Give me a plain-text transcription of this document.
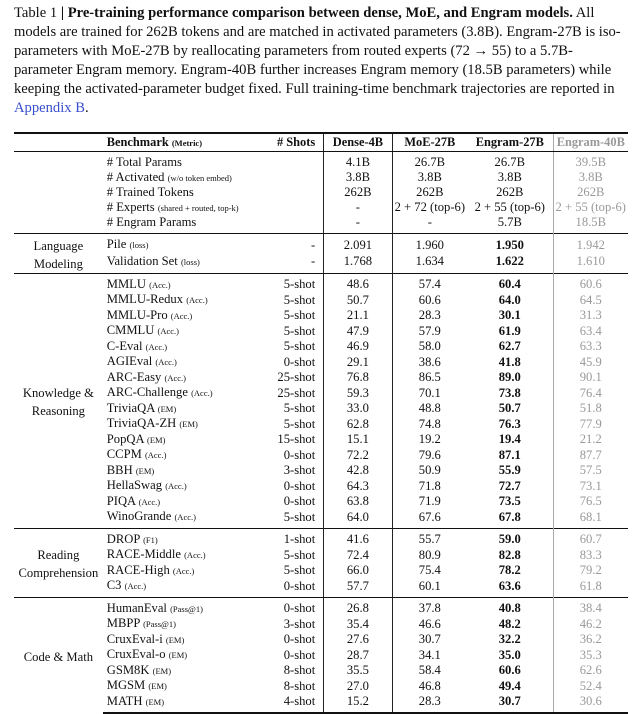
Table 1 | Pre-training performance comparison between dense, MoE, and Engram models. All models are trained for 262B tokens and are matched in activated parameters (3.8B). Engram-27B is iso-parameters with MoE-27B by reallocating parameters from routed experts (72 → 55) to a 5.7B-parameter Engram memory. Engram-40B further increases Engram memory (18.5B parameters) while keeping the activated-parameter budget fixed. Full training-time benchmark trajectories are reported in Appendix B.
	Benchmark (Metric)	# Shots	Dense-4B	MoE-27B	Engram-27B	Engram-40B
	# Total Params		4.1B	26.7B	26.7B	39.5B
	# Activated (w/o token embed)		3.8B	3.8B	3.8B	3.8B
	# Trained Tokens		262B	262B	262B	262B
	# Experts (shared + routed, top-k)		-	2 + 72 (top-6)	2 + 55 (top-6)	2 + 55 (top-6)
	# Engram Params		-	-	5.7B	18.5B
Language Modeling	Pile (loss)	-	2.091	1.960	1.950	1.942
	Validation Set (loss)	-	1.768	1.634	1.622	1.610
Knowledge & Reasoning	MMLU (Acc.)	5-shot	48.6	57.4	60.4	60.6
	MMLU-Redux (Acc.)	5-shot	50.7	60.6	64.0	64.5
	MMLU-Pro (Acc.)	5-shot	21.1	28.3	30.1	31.3
	CMMLU (Acc.)	5-shot	47.9	57.9	61.9	63.4
	C-Eval (Acc.)	5-shot	46.9	58.0	62.7	63.3
	AGIEval (Acc.)	0-shot	29.1	38.6	41.8	45.9
	ARC-Easy (Acc.)	25-shot	76.8	86.5	89.0	90.1
	ARC-Challenge (Acc.)	25-shot	59.3	70.1	73.8	76.4
	TriviaQA (EM)	5-shot	33.0	48.8	50.7	51.8
	TriviaQA-ZH (EM)	5-shot	62.8	74.8	76.3	77.9
	PopQA (EM)	15-shot	15.1	19.2	19.4	21.2
	CCPM (Acc.)	0-shot	72.2	79.6	87.1	87.7
	BBH (EM)	3-shot	42.8	50.9	55.9	57.5
	HellaSwag (Acc.)	0-shot	64.3	71.8	72.7	73.1
	PIQA (Acc.)	0-shot	63.8	71.9	73.5	76.5
	WinoGrande (Acc.)	5-shot	64.0	67.6	67.8	68.1
Reading Comprehension	DROP (F1)	1-shot	41.6	55.7	59.0	60.7
	RACE-Middle (Acc.)	5-shot	72.4	80.9	82.8	83.3
	RACE-High (Acc.)	5-shot	66.0	75.4	78.2	79.2
	C3 (Acc.)	0-shot	57.7	60.1	63.6	61.8
Code & Math	HumanEval (Pass@1)	0-shot	26.8	37.8	40.8	38.4
	MBPP (Pass@1)	3-shot	35.4	46.6	48.2	46.2
	CruxEval-i (EM)	0-shot	27.6	30.7	32.2	36.2
	CruxEval-o (EM)	0-shot	28.7	34.1	35.0	35.3
	GSM8K (EM)	8-shot	35.5	58.4	60.6	62.6
	MGSM (EM)	8-shot	27.0	46.8	49.4	52.4
	MATH (EM)	4-shot	15.2	28.3	30.7	30.6
